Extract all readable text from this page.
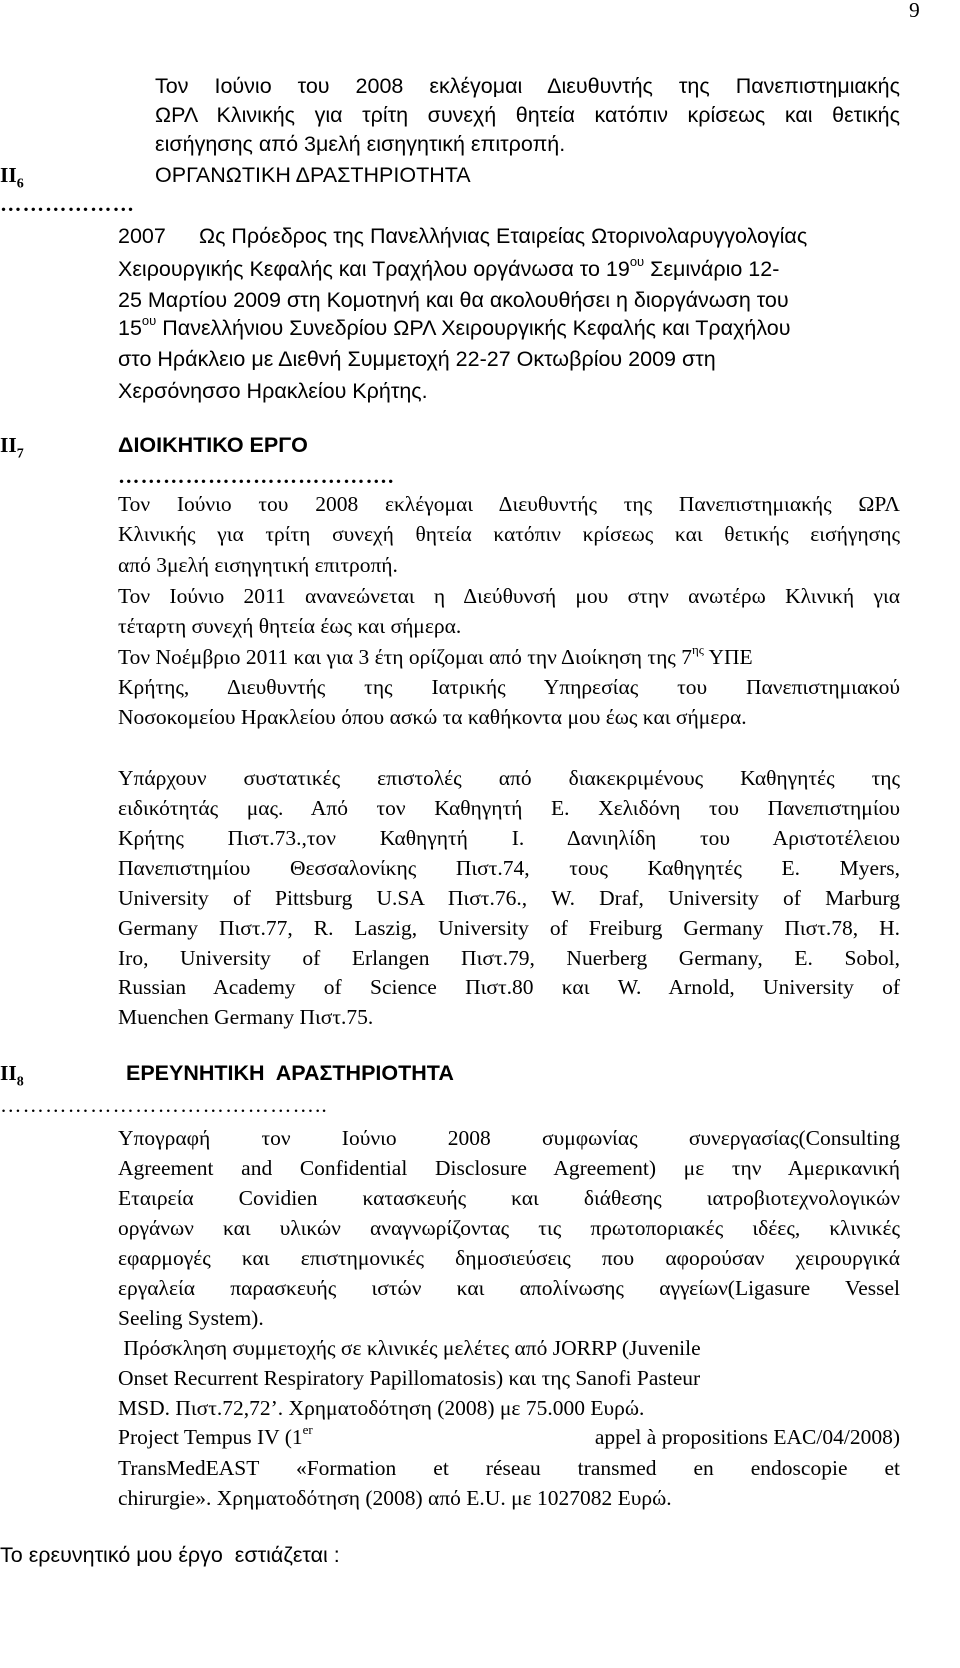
9
Τον Ιούνιο του 2008 εκλέγομαι Διευθυντής της Πανεπιστημιακής
ΩΡΛ Κλινικής για τρίτη συνεχή θητεία κατόπιν κρίσεως και θετικής
εισήγησης από 3μελή εισηγητική επιτροπή.
$II_6$	ΟΡΓΑΝΩΤΙΚΗ ΔΡΑΣΤΗΡΙΟΤΗΤΑ
………………
2007 Ως Πρόεδρος της Πανελλήνιας Εταιρείας Ωτορινολαρυγγολογίας
Χειρουργικής Κεφαλής και Τραχήλου οργάνωσα το $19^{o\upsilon}$ Σεμινάριο 12-
25 Μαρτίου 2009 στη Κομοτηνή και θα ακολουθήσει η διοργάνωση του
$15^{o\upsilon}$ Πανελλήνιου Συνεδρίου ΩΡΛ Χειρουργικής Κεφαλής και Τραχήλου
στο Ηράκλειο με Διεθνή Συμμετοχή 22-27 Οκτωβρίου 2009 στη
Χερσόνησσο Ηρακλείου Κρήτης.
$II_7$	ΔΙΟΙΚΗΤΙΚΟ ΕΡΓΟ
……………………………….
Τον Ιούνιο του 2008 εκλέγομαι Διευθυντής της Πανεπιστημιακής ΩΡΛ
Κλινικής για τρίτη συνεχή θητεία κατόπιν κρίσεως και θετικής εισήγησης
από 3μελή εισηγητική επιτροπή.
Τον Ιούνιο 2011 ανανεώνεται η Διεύθυνσή μου στην ανωτέρω Κλινική για
τέταρτη συνεχή θητεία έως και σήμερα.
Τον Νοέμβριο 2011 και για 3 έτη ορίζομαι από την Διοίκηση της $7^{\eta\varsigma}$ ΥΠΕ
Κρήτης, Διευθυντής της Ιατρικής Υπηρεσίας του Πανεπιστημιακού
Νοσοκομείου Ηρακλείου όπου ασκώ τα καθήκοντα μου έως και σήμερα.
Υπάρχουν συστατικές επιστολές από διακεκριμένους Καθηγητές της
ειδικότητάς μας. Από τον Καθηγητή Ε. Χελιδόνη του Πανεπιστημίου
Κρήτης Πιστ.73.,τον Καθηγητή Ι. Δανιηλίδη του Αριστοτέλειου
Πανεπιστημίου Θεσσαλονίκης Πιστ.74, τους Καθηγητές E. Myers,
University of Pittsburg U.SA Πιστ.76., W. Draf, University of Marburg
Germany Πιστ.77, R. Laszig, University of Freiburg Germany Πιστ.78, H.
Iro, University of Erlangen Πιστ.79, Nuerberg Germany, E. Sobol,
Russian Academy of Science Πιστ.80 και W. Arnold, University of
Muenchen Germany Πιστ.75.
$II_8$	ΕΡΕΥΝΗΤΙΚΗ  ΑΡΑΣΤΗΡΙΟΤΗΤΑ
……………………………………..
Υπογραφή τον Ιούνιο 2008 συμφωνίας συνεργασίας(Consulting
Agreement and Confidential Disclosure Agreement) με την Αμερικανική
Εταιρεία Covidien κατασκευής και διάθεσης ιατροβιοτεχνολογικών
οργάνων και υλικών αναγνωρίζοντας τις πρωτοποριακές ιδέες, κλινικές
εφαρμογές και επιστημονικές δημοσιεύσεις που αφορούσαν χειρουργικά
εργαλεία παρασκευής ιστών και απολίνωσης αγγείων(Ligasure Vessel
Seeling System).
Πρόσκληση συμμετοχής σε κλινικές μελέτες από JORRP (Juvenile
Onset Recurrent Respiratory Papillomatosis) και της Sanofi Pasteur
MSD. Πιστ.72,72’. Χρηματοδότηση (2008) με 75.000 Ευρώ.
Project Tempus IV (1er	appel à propositions EAC/04/2008)
TransMedEAST «Formation et réseau transmed en endoscopie et
chirurgie». Χρηματοδότηση (2008) από E.U. με 1027082 Ευρώ.
Το ερευνητικό μου έργο  εστιάζεται :
